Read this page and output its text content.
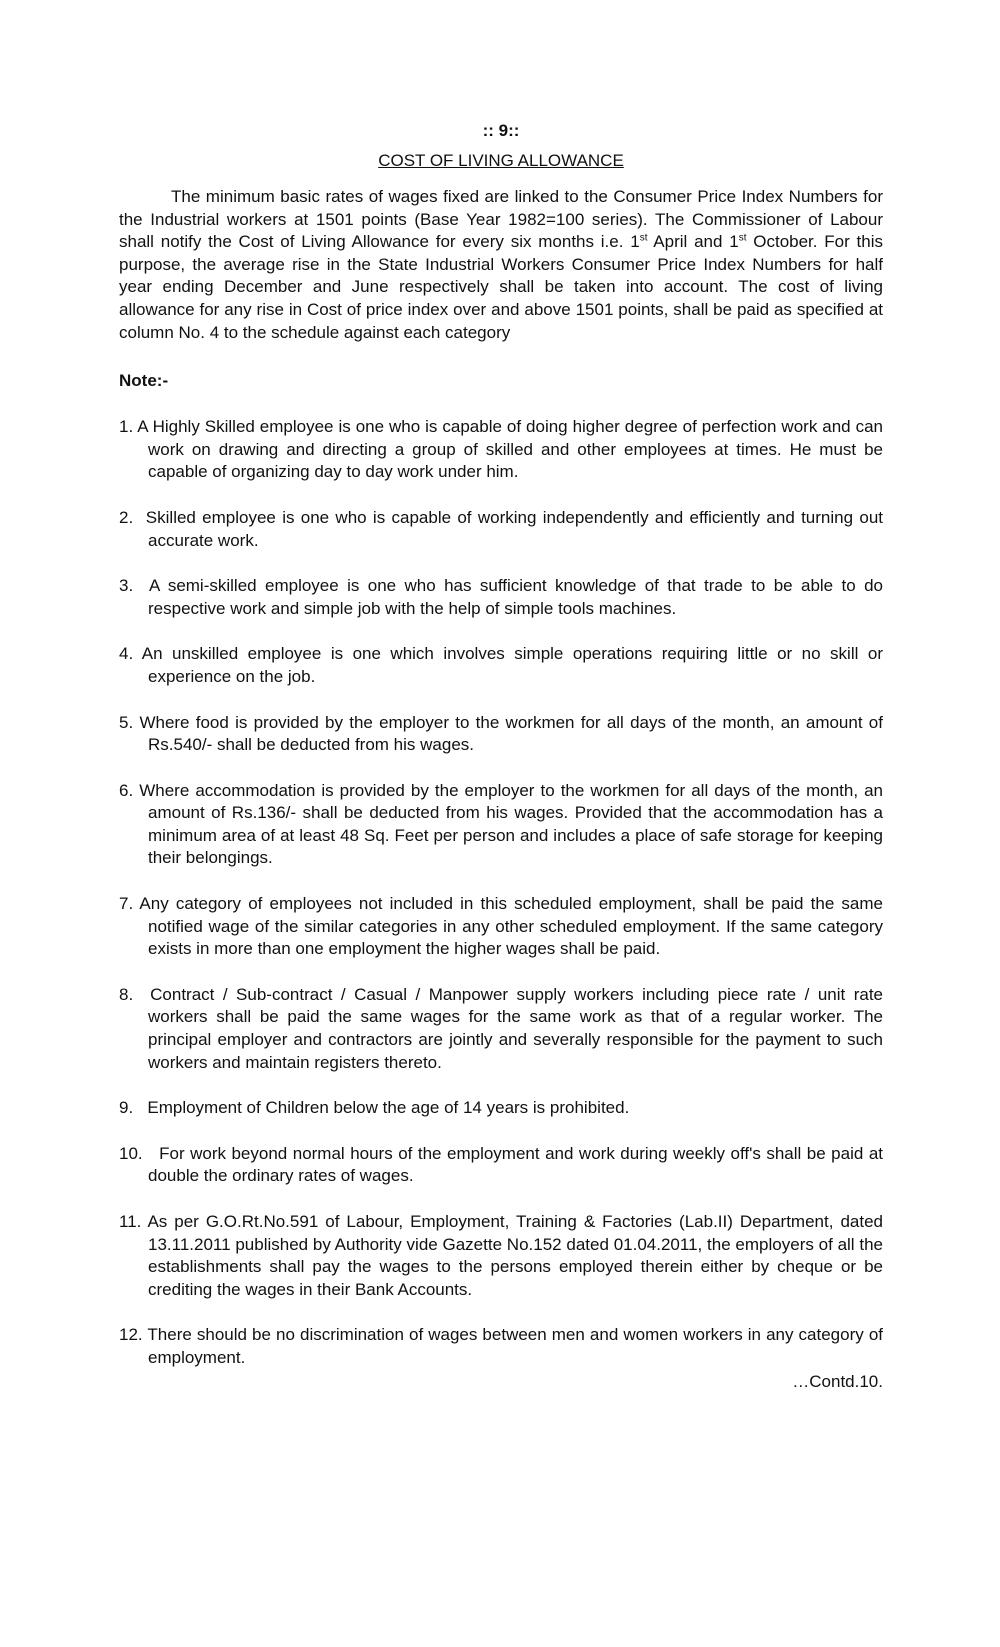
:: 9::
COST OF LIVING ALLOWANCE

The minimum basic rates of wages fixed are linked to the Consumer Price Index Numbers for the Industrial workers at 1501 points (Base Year 1982=100 series). The Commissioner of Labour shall notify the Cost of Living Allowance for every six months i.e. 1st April and 1st October. For this purpose, the average rise in the State Industrial Workers Consumer Price Index Numbers for half year ending December and June respectively shall be taken into account. The cost of living allowance for any rise in Cost of price index over and above 1501 points, shall be paid as specified at column No. 4 to the schedule against each category

Note:-
1. A Highly Skilled employee is one who is capable of doing higher degree of perfection work and can work on drawing and directing a group of skilled and other employees at times. He must be capable of organizing day to day work under him.
2. Skilled employee is one who is capable of working independently and efficiently and turning out accurate work.
3. A semi-skilled employee is one who has sufficient knowledge of that trade to be able to do respective work and simple job with the help of simple tools machines.
4. An unskilled employee is one which involves simple operations requiring little or no skill or experience on the job.
5. Where food is provided by the employer to the workmen for all days of the month, an amount of Rs.540/- shall be deducted from his wages.
6. Where accommodation is provided by the employer to the workmen for all days of the month, an amount of Rs.136/- shall be deducted from his wages. Provided that the accommodation has a minimum area of at least 48 Sq. Feet per person and includes a place of safe storage for keeping their belongings.
7. Any category of employees not included in this scheduled employment, shall be paid the same notified wage of the similar categories in any other scheduled employment. If the same category exists in more than one employment the higher wages shall be paid.
8. Contract / Sub-contract / Casual / Manpower supply workers including piece rate / unit rate workers shall be paid the same wages for the same work as that of a regular worker. The principal employer and contractors are jointly and severally responsible for the payment to such workers and maintain registers thereto.
9. Employment of Children below the age of 14 years is prohibited.
10. For work beyond normal hours of the employment and work during weekly off's shall be paid at double the ordinary rates of wages.
11. As per G.O.Rt.No.591 of Labour, Employment, Training & Factories (Lab.II) Department, dated 13.11.2011 published by Authority vide Gazette No.152 dated 01.04.2011, the employers of all the establishments shall pay the wages to the persons employed therein either by cheque or be crediting the wages in their Bank Accounts.
12. There should be no discrimination of wages between men and women workers in any category of employment.
…Contd.10.
